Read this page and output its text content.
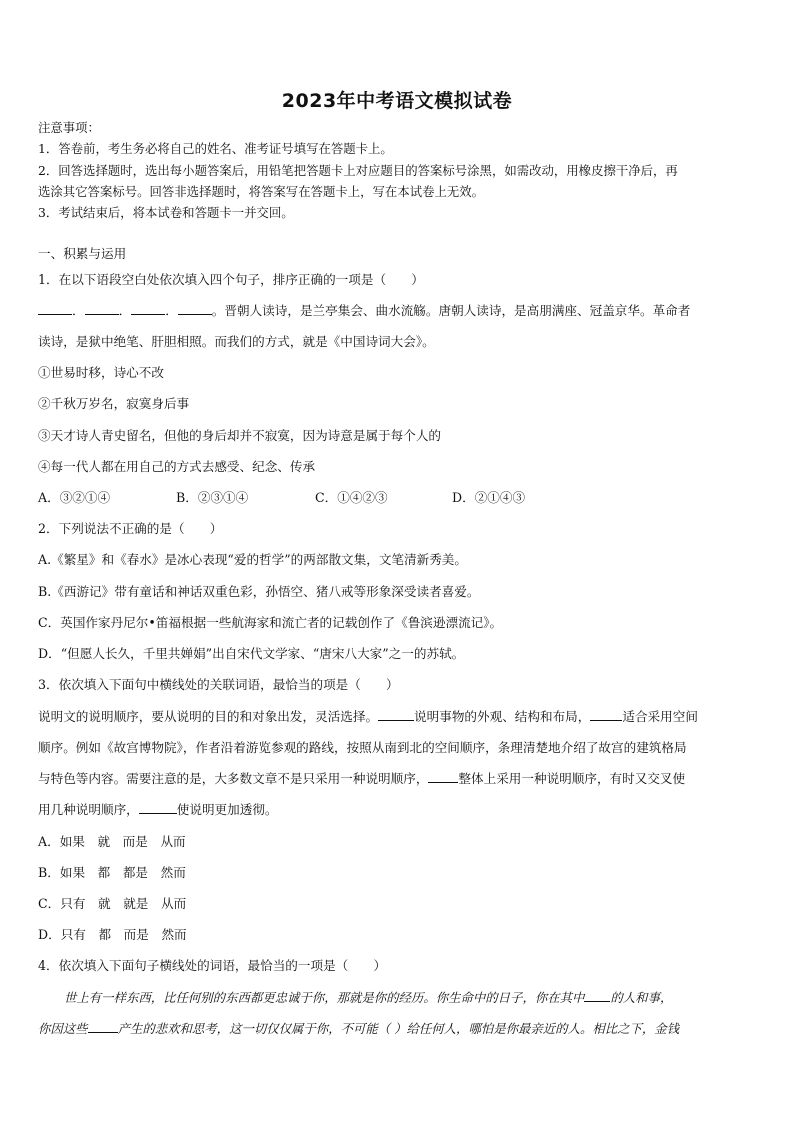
2023年中考语文模拟试卷
注意事项：
1．答卷前，考生务必将自己的姓名、准考证号填写在答题卡上。
2．回答选择题时，选出每小题答案后，用铅笔把答题卡上对应题目的答案标号涂黑，如需改动，用橡皮擦干净后，再
选涂其它答案标号。回答非选择题时，将答案写在答题卡上，写在本试卷上无效。
3．考试结束后，将本试卷和答题卡一并交回。
一、积累与运用
1．在以下语段空白处依次填入四个句子，排序正确的一项是（　　）
．	．	．	。晋朝人读诗，是兰亭集会、曲水流觞。唐朝人读诗，是高朋满座、冠盖京华。革命者
读诗，是狱中绝笔、肝胆相照。而我们的方式，就是《中国诗词大会》。
①世易时移，诗心不改
②千秋万岁名，寂寞身后事
③天才诗人青史留名，但他的身后却并不寂寞，因为诗意是属于每个人的
④每一代人都在用自己的方式去感受、纪念、传承
A．③②①④	B．②③①④	C．①④②③	D．②①④③
2．下列说法不正确的是（　　）
A.《繁星》和《春水》是冰心表现“爱的哲学”的两部散文集，文笔清新秀美。
B.《西游记》带有童话和神话双重色彩，孙悟空、猪八戒等形象深受读者喜爱。
C．英国作家丹尼尔•笛福根据一些航海家和流亡者的记载创作了《鲁滨逊漂流记》。
D．“但愿人长久，千里共婵娟”出自宋代文学家、“唐宋八大家”之一的苏轼。
3．依次填入下面句中横线处的关联词语，最恰当的项是（　　）
说明文的说明顺序，要从说明的目的和对象出发，灵活选择。	说明事物的外观、结构和布局，	适合采用空间
顺序。例如《故宫博物院》，作者沿着游览参观的路线，按照从南到北的空间顺序，条理清楚地介绍了故宫的建筑格局
与特色等内容。需要注意的是，大多数文章不是只采用一种说明顺序， 整体上采用一种说明顺序，有时又交叉使
用几种说明顺序，	使说明更加透彻。
A．如果　就　而是　从而
B．如果　都　都是　然而
C．只有　就　就是　从而
D．只有　都　而是　然而
4．依次填入下面句子横线处的词语，最恰当的一项是（　　）
世上有一样东西，比任何别的东西都更忠诚于你，那就是你的经历。你生命中的日子，你在其中 的人和事，
你因这些 产生的悲欢和思考，这一切仅仅属于你，不可能（ ）给任何人，哪怕是你最亲近的人。相比之下，金钱
